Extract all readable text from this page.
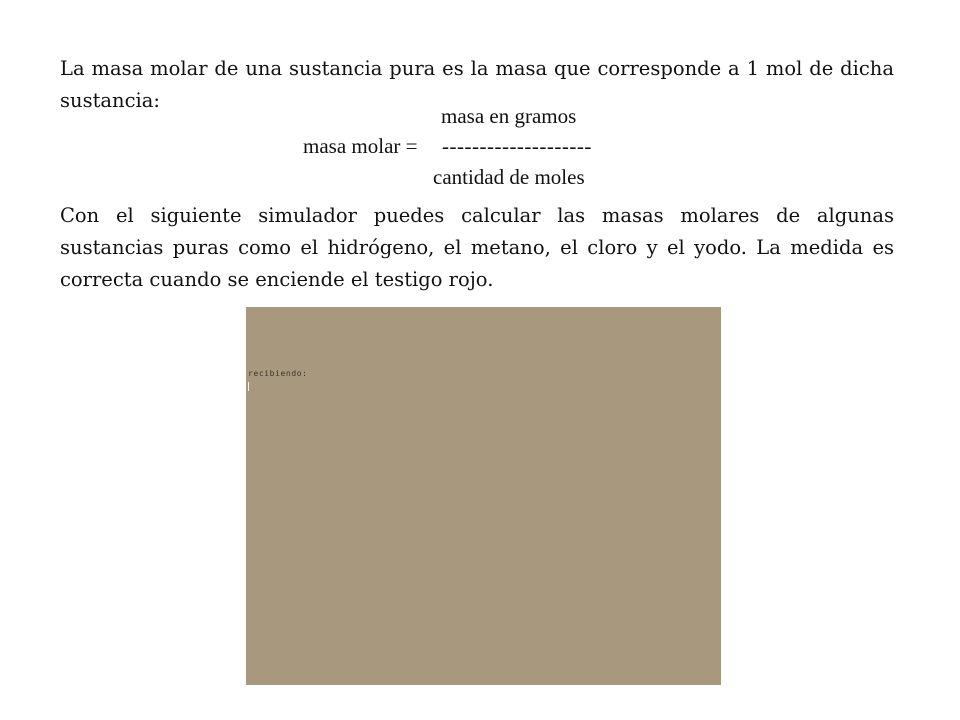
La masa molar de una sustancia pura es la masa que corresponde a 1 mol de dicha sustancia:

masa en gramos
masa molar = --------------------
cantidad de moles

Con el siguiente simulador puedes calcular las masas molares de algunas sustancias puras como el hidrógeno, el metano, el cloro y el yodo. La medida es correcta cuando se enciende el testigo rojo.

recibiendo:
